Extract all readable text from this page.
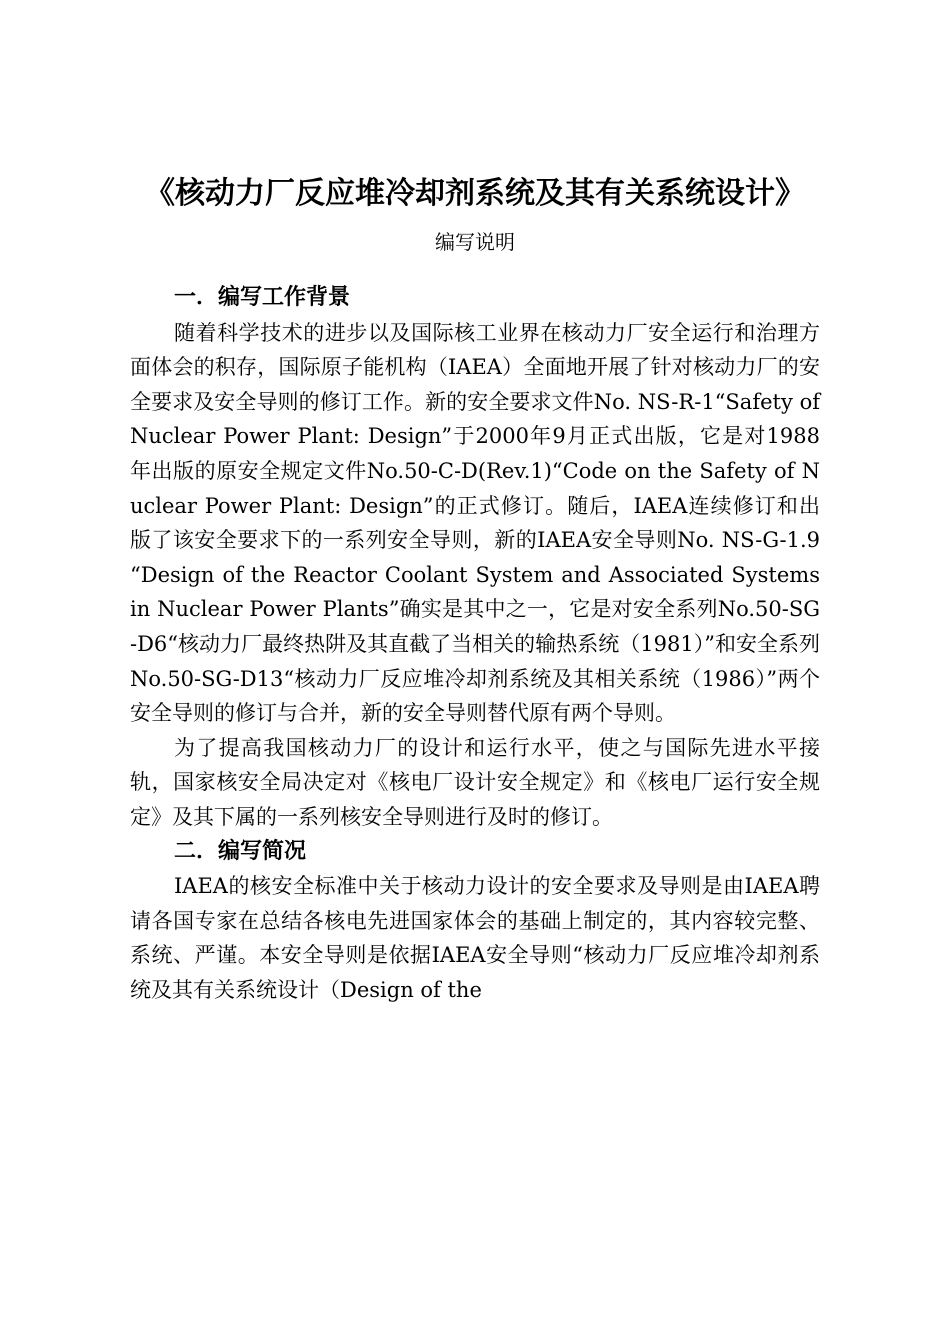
《核动力厂反应堆冷却剂系统及其有关系统设计》
编写说明

一．编写工作背景

随着科学技术的进步以及国际核工业界在核动力厂安全运行和治理方面体会的积存，国际原子能机构（IAEA）全面地开展了针对核动力厂的安全要求及安全导则的修订工作。新的安全要求文件No. NS-R-1“Safety of Nuclear Power Plant: Design”于2000年9月正式出版，它是对1988年出版的原安全规定文件No.50-C-D(Rev.1)“Code on the Safety of Nuclear Power Plant: Design”的正式修订。随后，IAEA连续修订和出版了该安全要求下的一系列安全导则，新的IAEA安全导则No. NS-G-1.9 “Design of the Reactor Coolant System and Associated Systems in Nuclear Power Plants”确实是其中之一，它是对安全系列No.50-SG-D6“核动力厂最终热阱及其直截了当相关的输热系统（1981）”和安全系列No.50-SG-D13“核动力厂反应堆冷却剂系统及其相关系统（1986）”两个安全导则的修订与合并，新的安全导则替代原有两个导则。

为了提高我国核动力厂的设计和运行水平，使之与国际先进水平接轨，国家核安全局决定对《核电厂设计安全规定》和《核电厂运行安全规定》及其下属的一系列核安全导则进行及时的修订。

二．编写简况

IAEA的核安全标准中关于核动力设计的安全要求及导则是由IAEA聘请各国专家在总结各核电先进国家体会的基础上制定的，其内容较完整、系统、严谨。本安全导则是依据IAEA安全导则“核动力厂反应堆冷却剂系统及其有关系统设计（Design of the
